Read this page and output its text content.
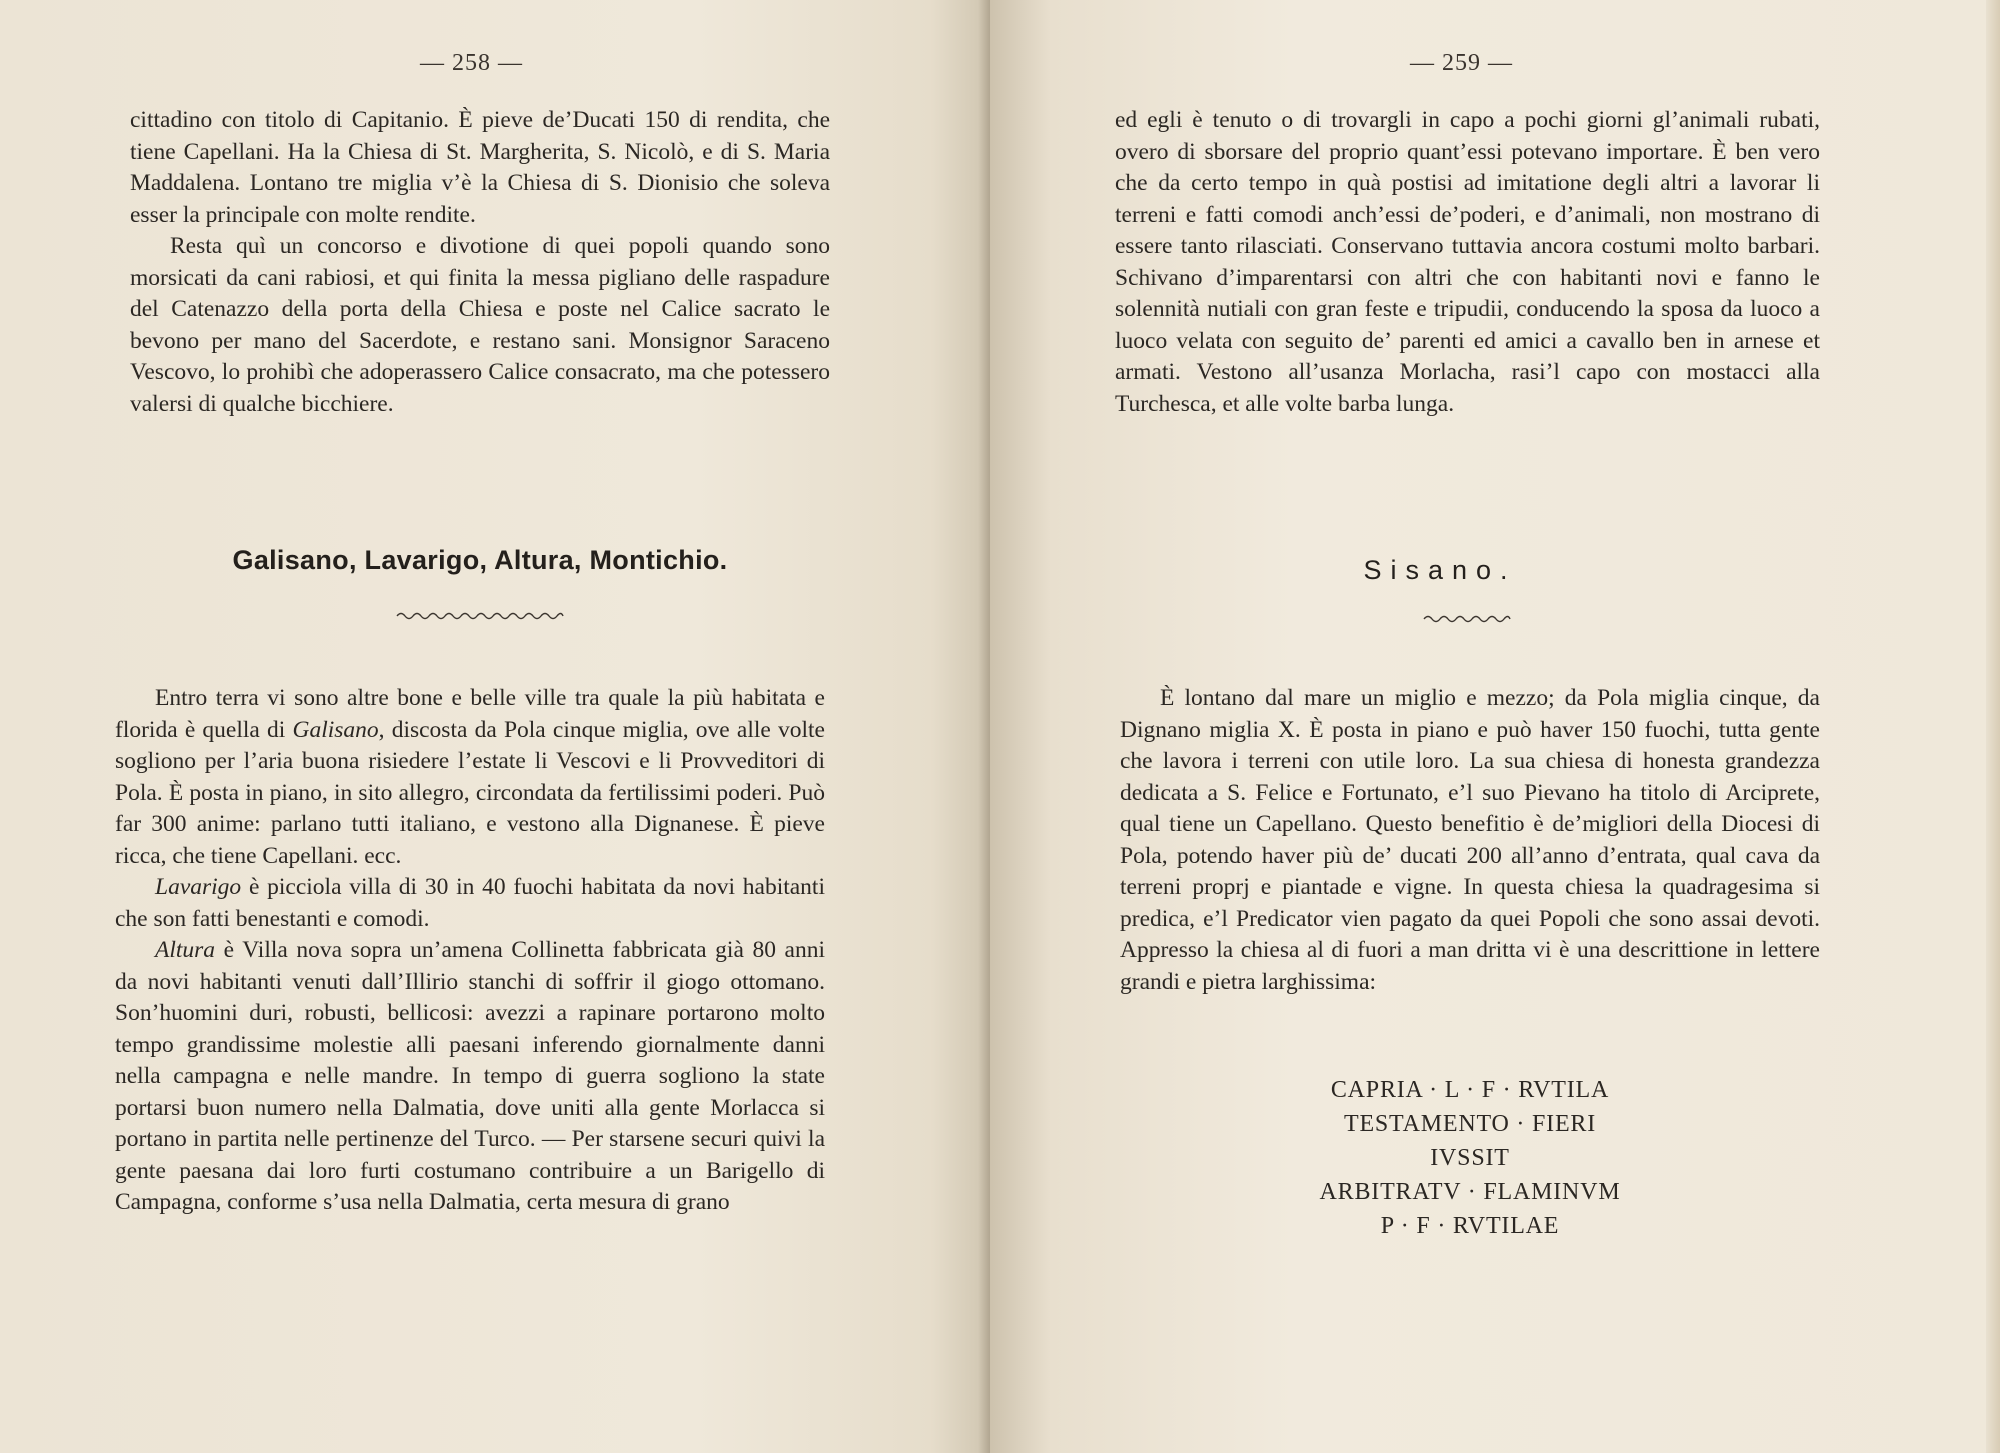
— 258 —

cittadino con titolo di Capitanio. È pieve de’Ducati 150 di rendita, che tiene Capellani. Ha la Chiesa di St. Margherita, S. Nicolò, e di S. Maria Maddalena. Lontano tre miglia v’è la Chiesa di S. Dionisio che soleva esser la principale con molte rendite.

Resta quì un concorso e divotione di quei popoli quando sono morsicati da cani rabiosi, et qui finita la messa pigliano delle raspadure del Catenazzo della porta della Chiesa e poste nel Calice sacrato le bevono per mano del Sacerdote, e restano sani. Monsignor Saraceno Vescovo, lo prohibì che adoperassero Calice consacrato, ma che potessero valersi di qualche bicchiere.

Galisano, Lavarigo, Altura, Montichio.

Entro terra vi sono altre bone e belle ville tra quale la più habitata e florida è quella di Galisano, discosta da Pola cinque miglia, ove alle volte sogliono per l’aria buona risiedere l’estate li Vescovi e li Provveditori di Pola. È posta in piano, in sito allegro, circondata da fertilissimi poderi. Può far 300 anime: parlano tutti italiano, e vestono alla Dignanese. È pieve ricca, che tiene Capellani. ecc.

Lavarigo è picciola villa di 30 in 40 fuochi habitata da novi habitanti che son fatti benestanti e comodi.

Altura è Villa nova sopra un’amena Collinetta fabbricata già 80 anni da novi habitanti venuti dall’Illirio stanchi di soffrir il giogo ottomano. Son’huomini duri, robusti, bellicosi: avezzi a rapinare portarono molto tempo grandissime molestie alli paesani inferendo giornalmente danni nella campagna e nelle mandre. In tempo di guerra sogliono la state portarsi buon numero nella Dalmatia, dove uniti alla gente Morlacca si portano in partita nelle pertinenze del Turco. — Per starsene securi quivi la gente paesana dai loro furti costumano contribuire a un Barigello di Campagna, conforme s’usa nella Dalmatia, certa mesura di grano

— 259 —

ed egli è tenuto o di trovargli in capo a pochi giorni gl’animali rubati, overo di sborsare del proprio quant’essi potevano importare. È ben vero che da certo tempo in quà postisi ad imitatione degli altri a lavorar li terreni e fatti comodi anch’essi de’poderi, e d’animali, non mostrano di essere tanto rilasciati. Conservano tuttavia ancora costumi molto barbari. Schivano d’imparentarsi con altri che con habitanti novi e fanno le solennità nutiali con gran feste e tripudii, conducendo la sposa da luoco a luoco velata con seguito de’ parenti ed amici a cavallo ben in arnese et armati. Vestono all’usanza Morlacha, rasi’l capo con mostacci alla Turchesca, et alle volte barba lunga.

Sisano.

È lontano dal mare un miglio e mezzo; da Pola miglia cinque, da Dignano miglia X. È posta in piano e può haver 150 fuochi, tutta gente che lavora i terreni con utile loro. La sua chiesa di honesta grandezza dedicata a S. Felice e Fortunato, e’l suo Pievano ha titolo di Arciprete, qual tiene un Capellano. Questo benefitio è de’migliori della Diocesi di Pola, potendo haver più de’ ducati 200 all’anno d’entrata, qual cava da terreni proprj e piantade e vigne. In questa chiesa la quadragesima si predica, e’l Predicator vien pagato da quei Popoli che sono assai devoti. Appresso la chiesa al di fuori a man dritta vi è una descrittione in lettere grandi e pietra larghissima:

CAPRIA · L · F · RVTILA
TESTAMENTO · FIERI
IVSSIT
ARBITRATV · FLAMINVM
P · F · RVTILAE
